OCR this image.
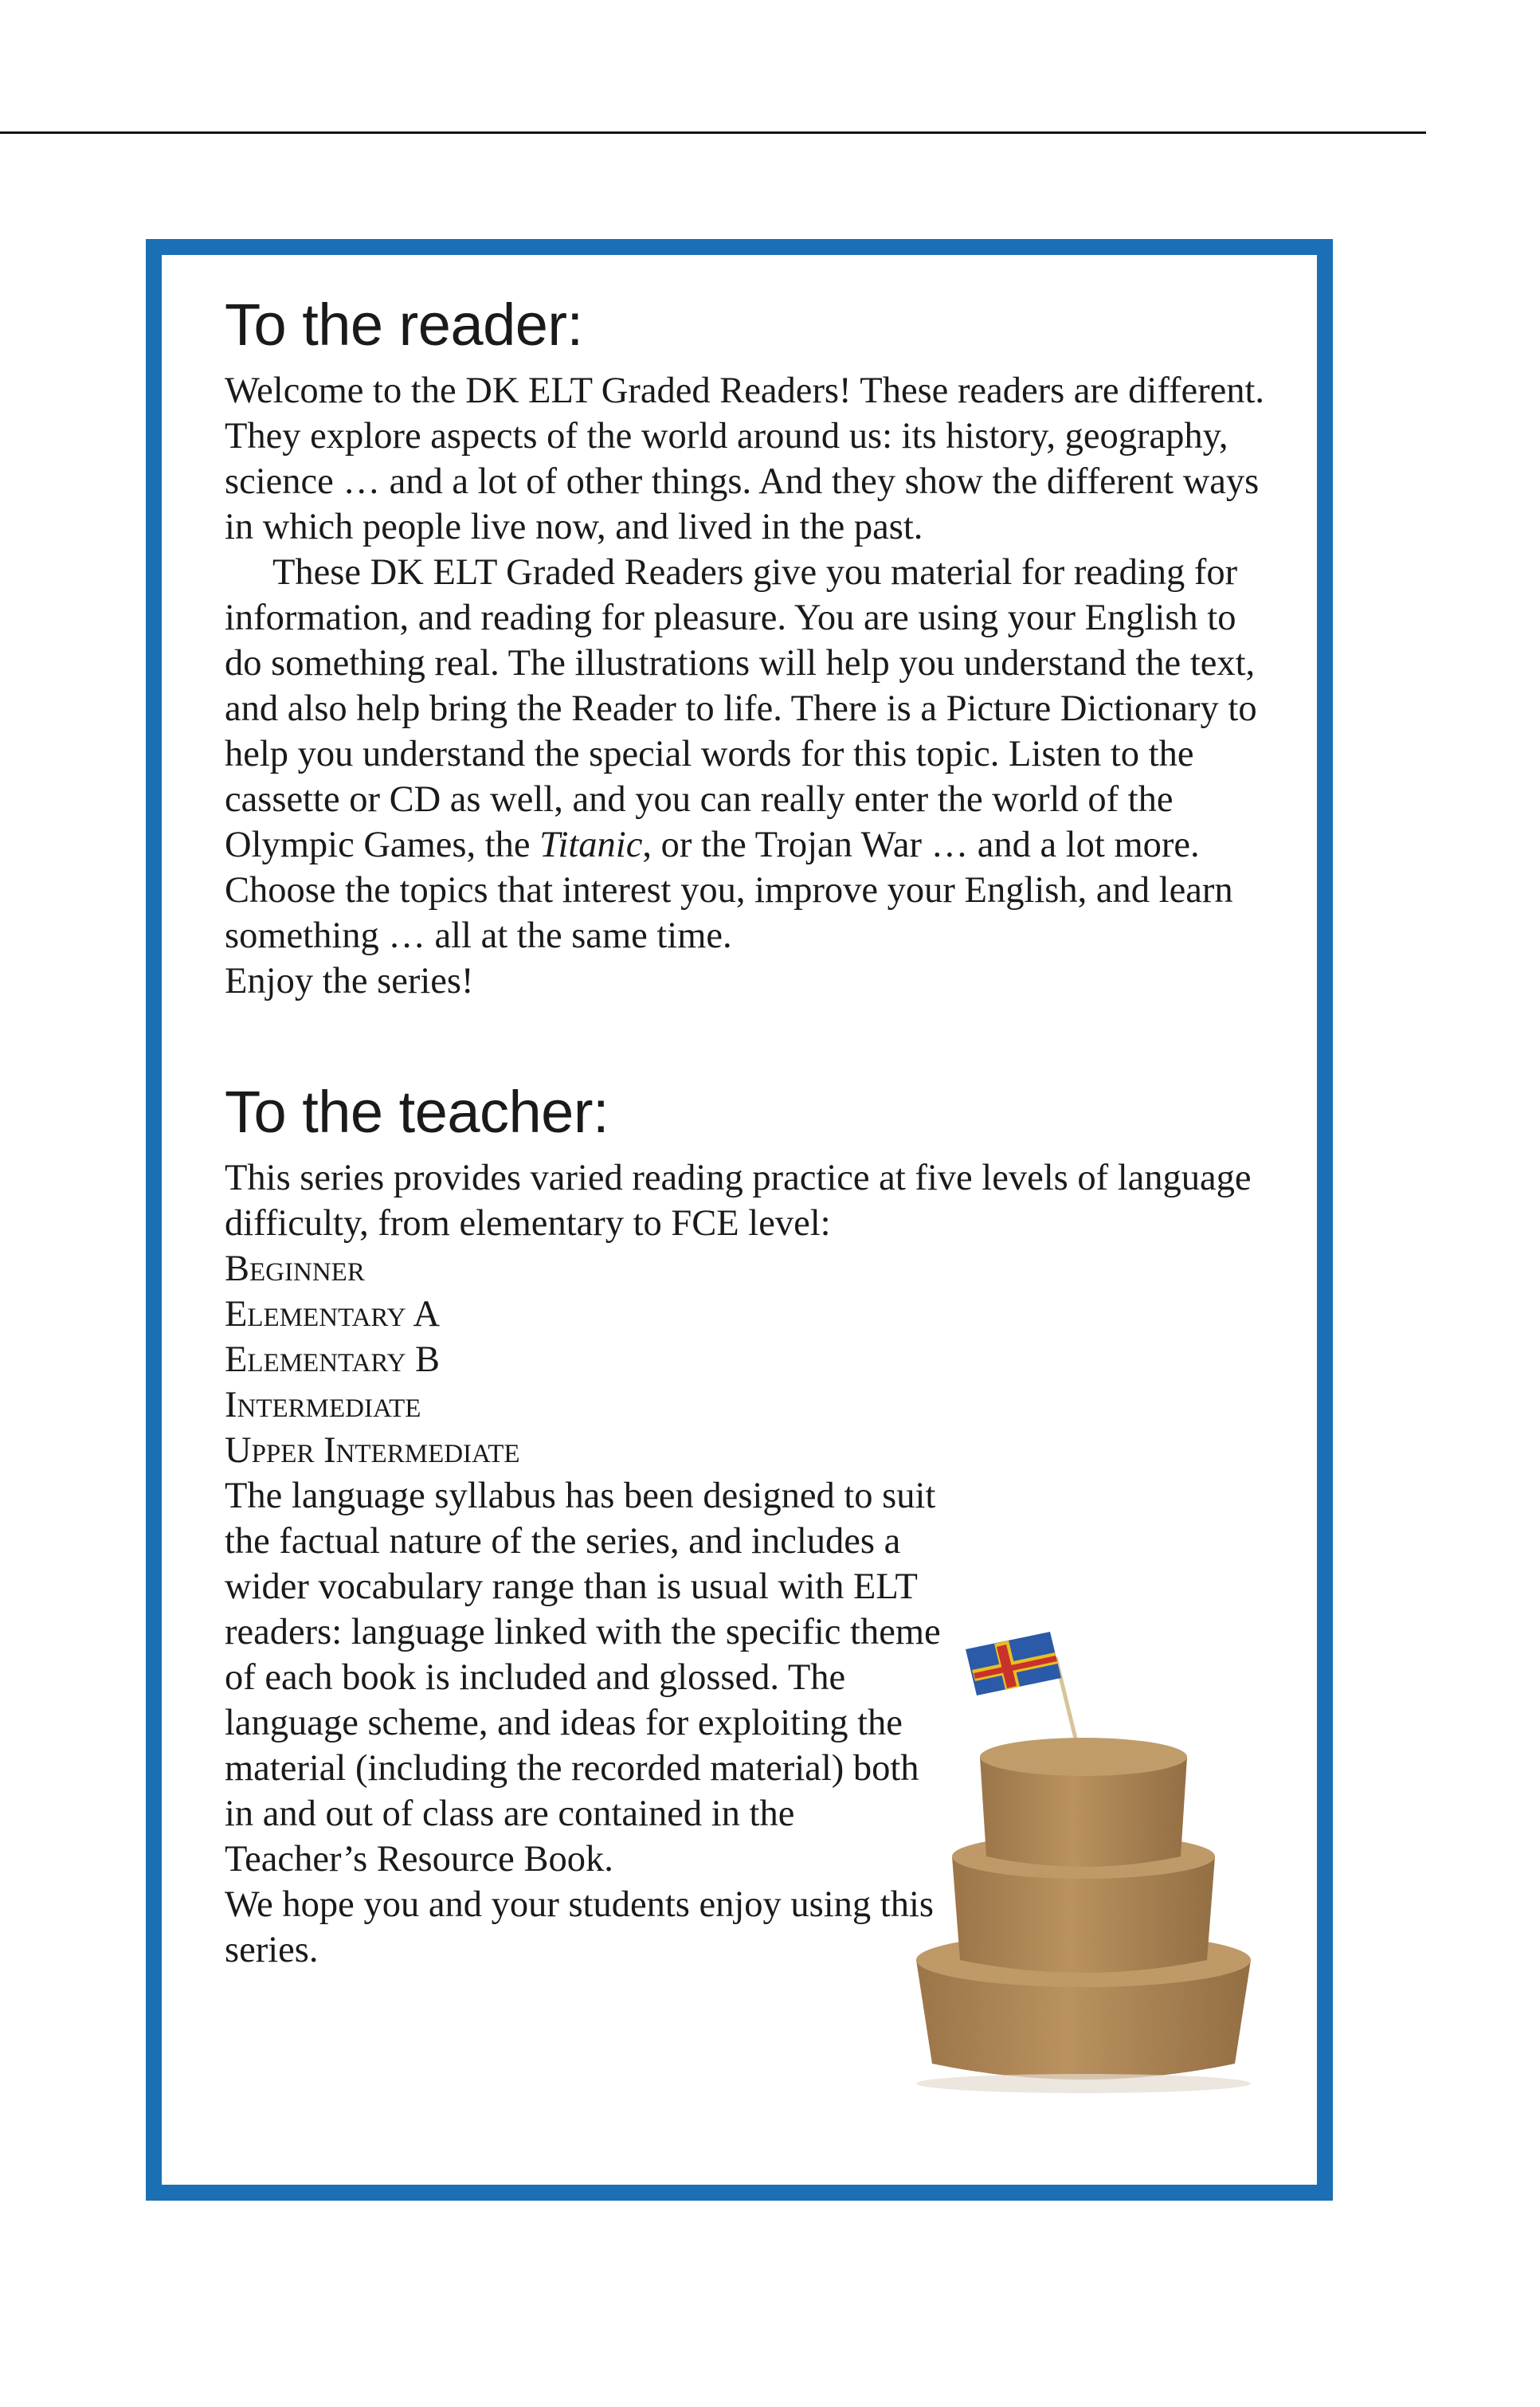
To the reader:

Welcome to the DK ELT Graded Readers! These readers are different. They explore aspects of the world around us: its history, geography, science … and a lot of other things. And they show the different ways in which people live now, and lived in the past.

These DK ELT Graded Readers give you material for reading for information, and reading for pleasure. You are using your English to do something real. The illustrations will help you understand the text, and also help bring the Reader to life. There is a Picture Dictionary to help you understand the special words for this topic. Listen to the cassette or CD as well, and you can really enter the world of the Olympic Games, the Titanic, or the Trojan War … and a lot more. Choose the topics that interest you, improve your English, and learn something … all at the same time.

Enjoy the series!

To the teacher:

This series provides varied reading practice at five levels of language difficulty, from elementary to FCE level:

Beginner
Elementary A
Elementary B
Intermediate
Upper Intermediate

The language syllabus has been designed to suit the factual nature of the series, and includes a wider vocabulary range than is usual with ELT readers: language linked with the specific theme of each book is included and glossed. The language scheme, and ideas for exploiting the material (including the recorded material) both in and out of class are contained in the Teacher’s Resource Book.

We hope you and your students enjoy using this series.
